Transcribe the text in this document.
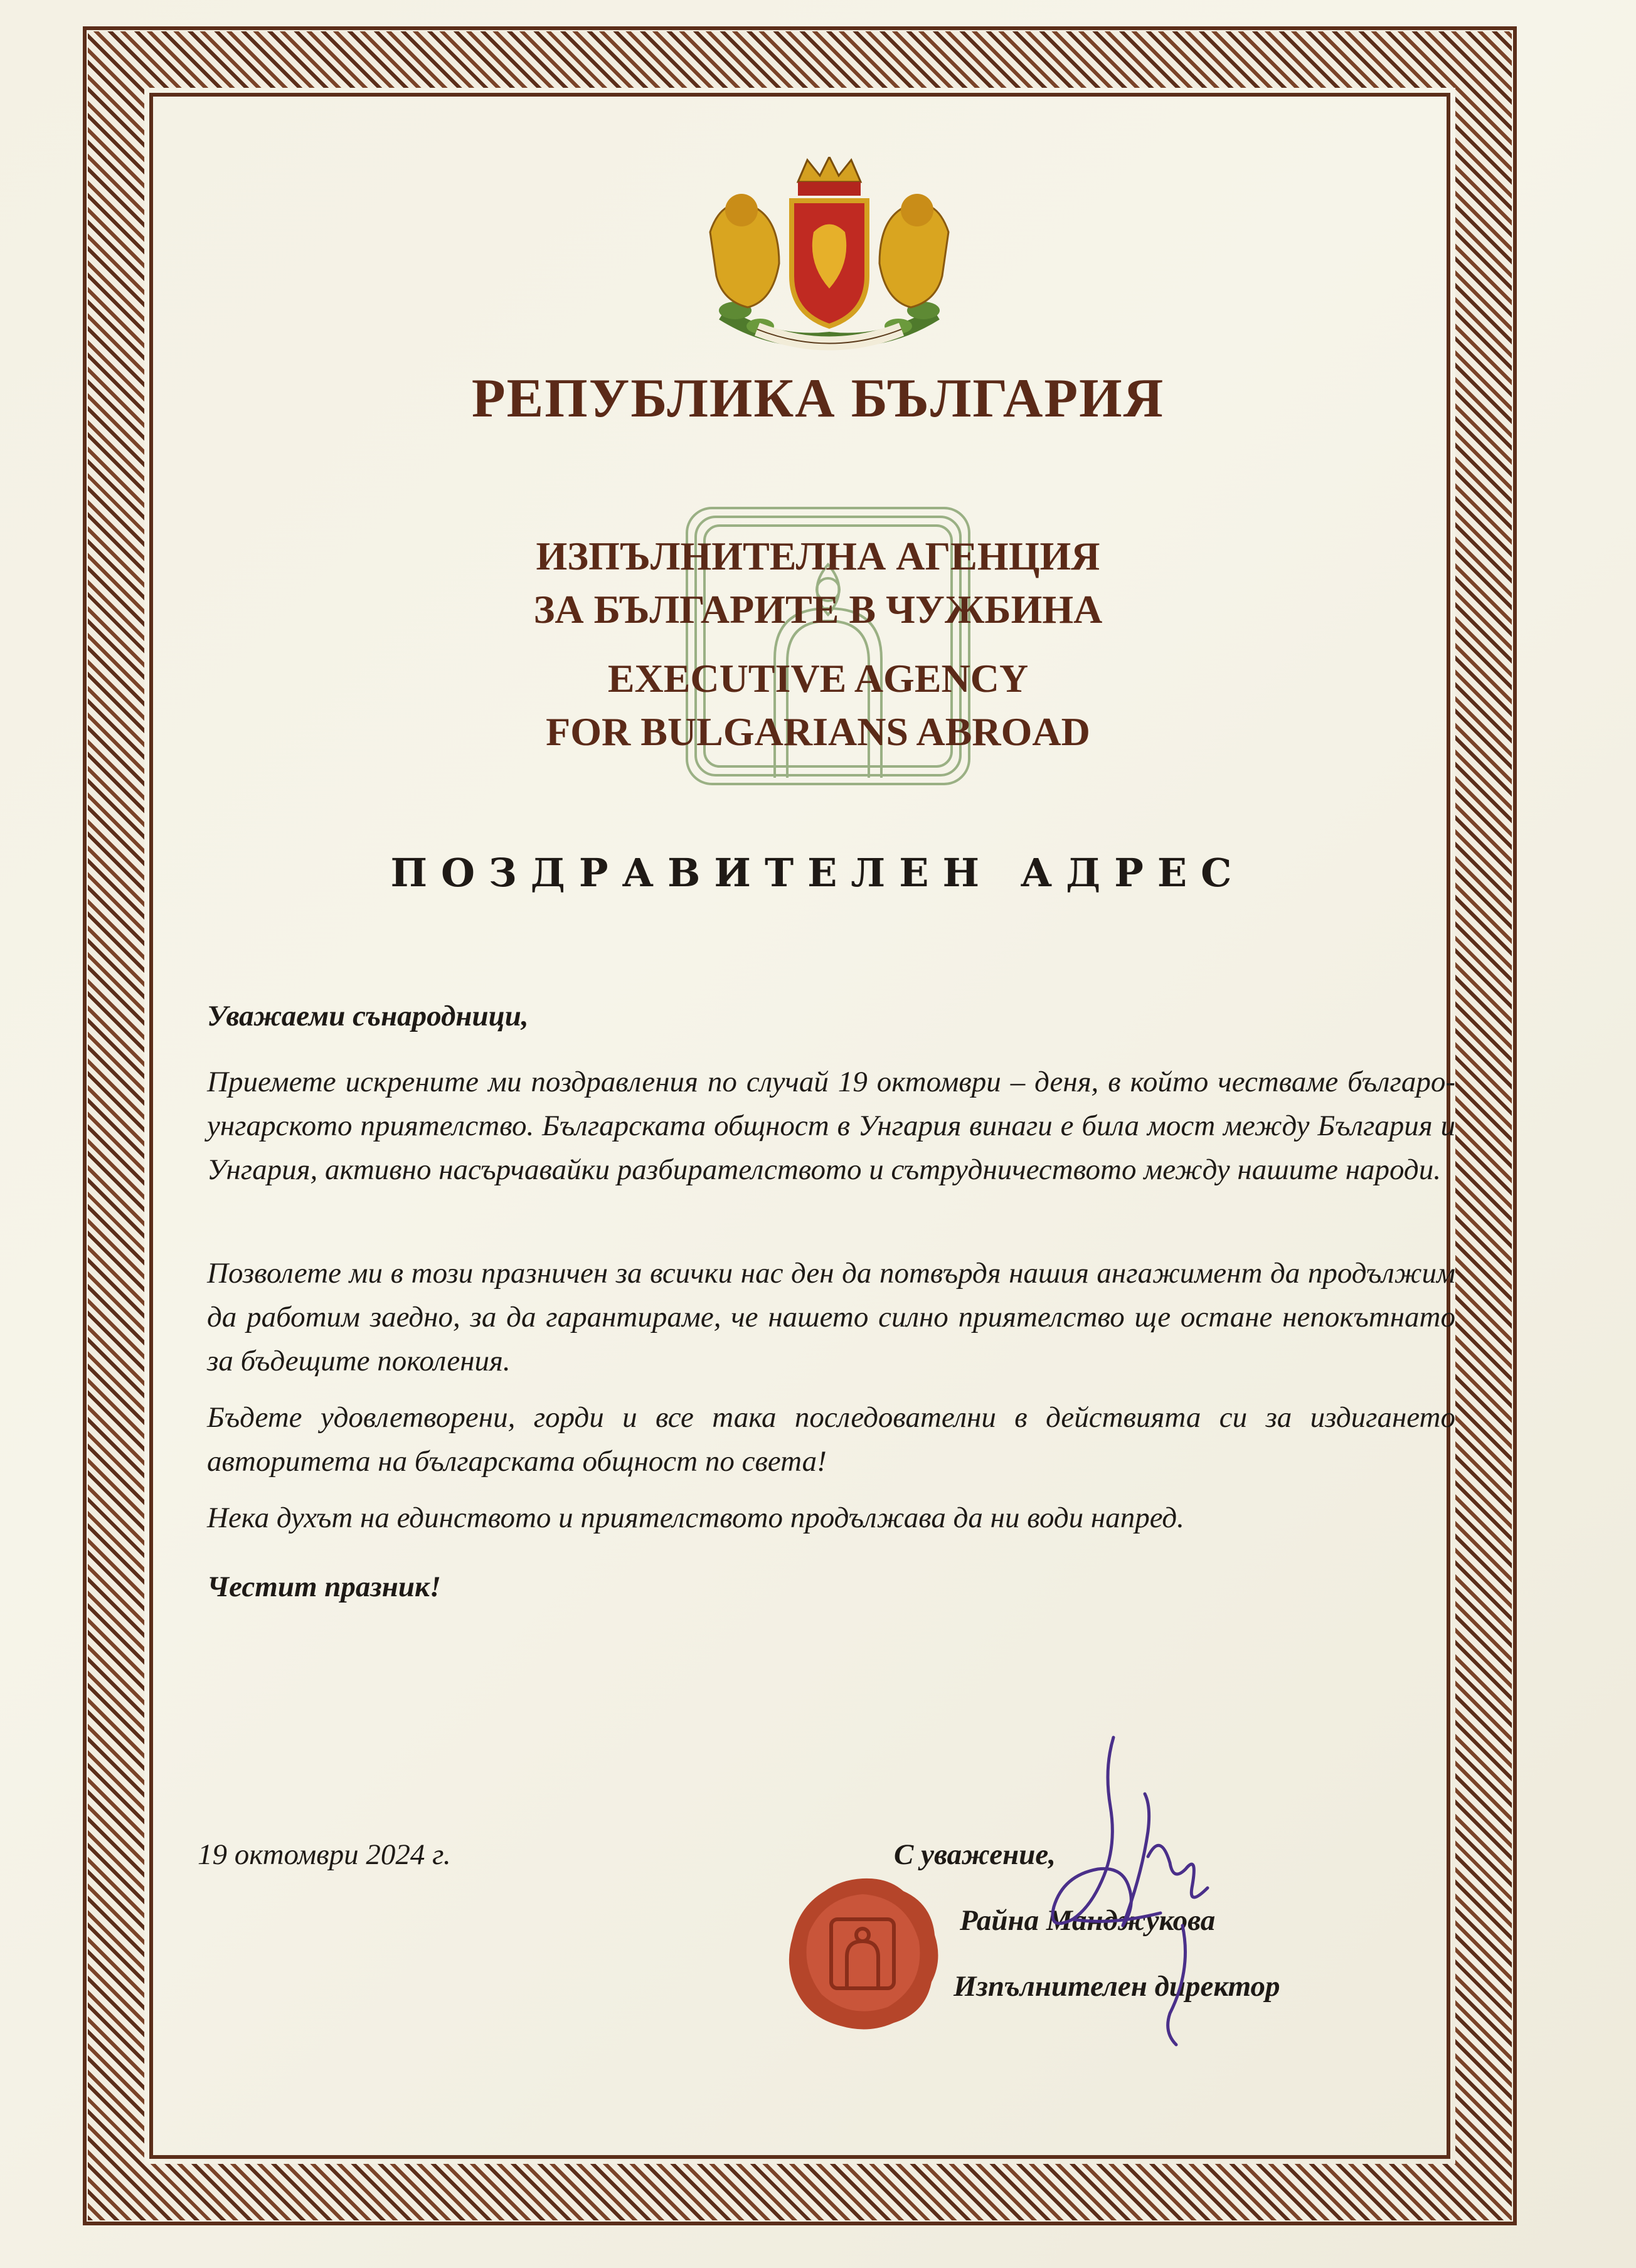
РЕПУБЛИКА БЪЛГАРИЯ
ИЗПЪЛНИТЕЛНА АГЕНЦИЯ
ЗА БЪЛГАРИТЕ В ЧУЖБИНА
EXECUTIVE AGENCY
FOR BULGARIANS ABROAD
ПОЗДРАВИТЕЛЕН АДРЕС
Уважаеми сънародници,
Приемете искрените ми поздравления по случай 19 октомври – деня, в който честваме българо-унгарското приятелство. Българската общност в Унгария винаги е била мост между България и Унгария, активно насърчавайки разбирателството и сътрудничеството между нашите народи.
Позволете ми в този празничен за всички нас ден да потвърдя нашия ангажимент да продължим да работим заедно, за да гарантираме, че нашето силно приятелство ще остане непокътнато за бъдещите поколения.
Бъдете удовлетворени, горди и все така последователни в действията си за издигането авторитета на българската общност по света!
Нека духът на единството и приятелството продължава да ни води напред.
Честит празник!
19 октомври 2024 г.	С уважение,
Райна Манджукова
Изпълнителен директор
